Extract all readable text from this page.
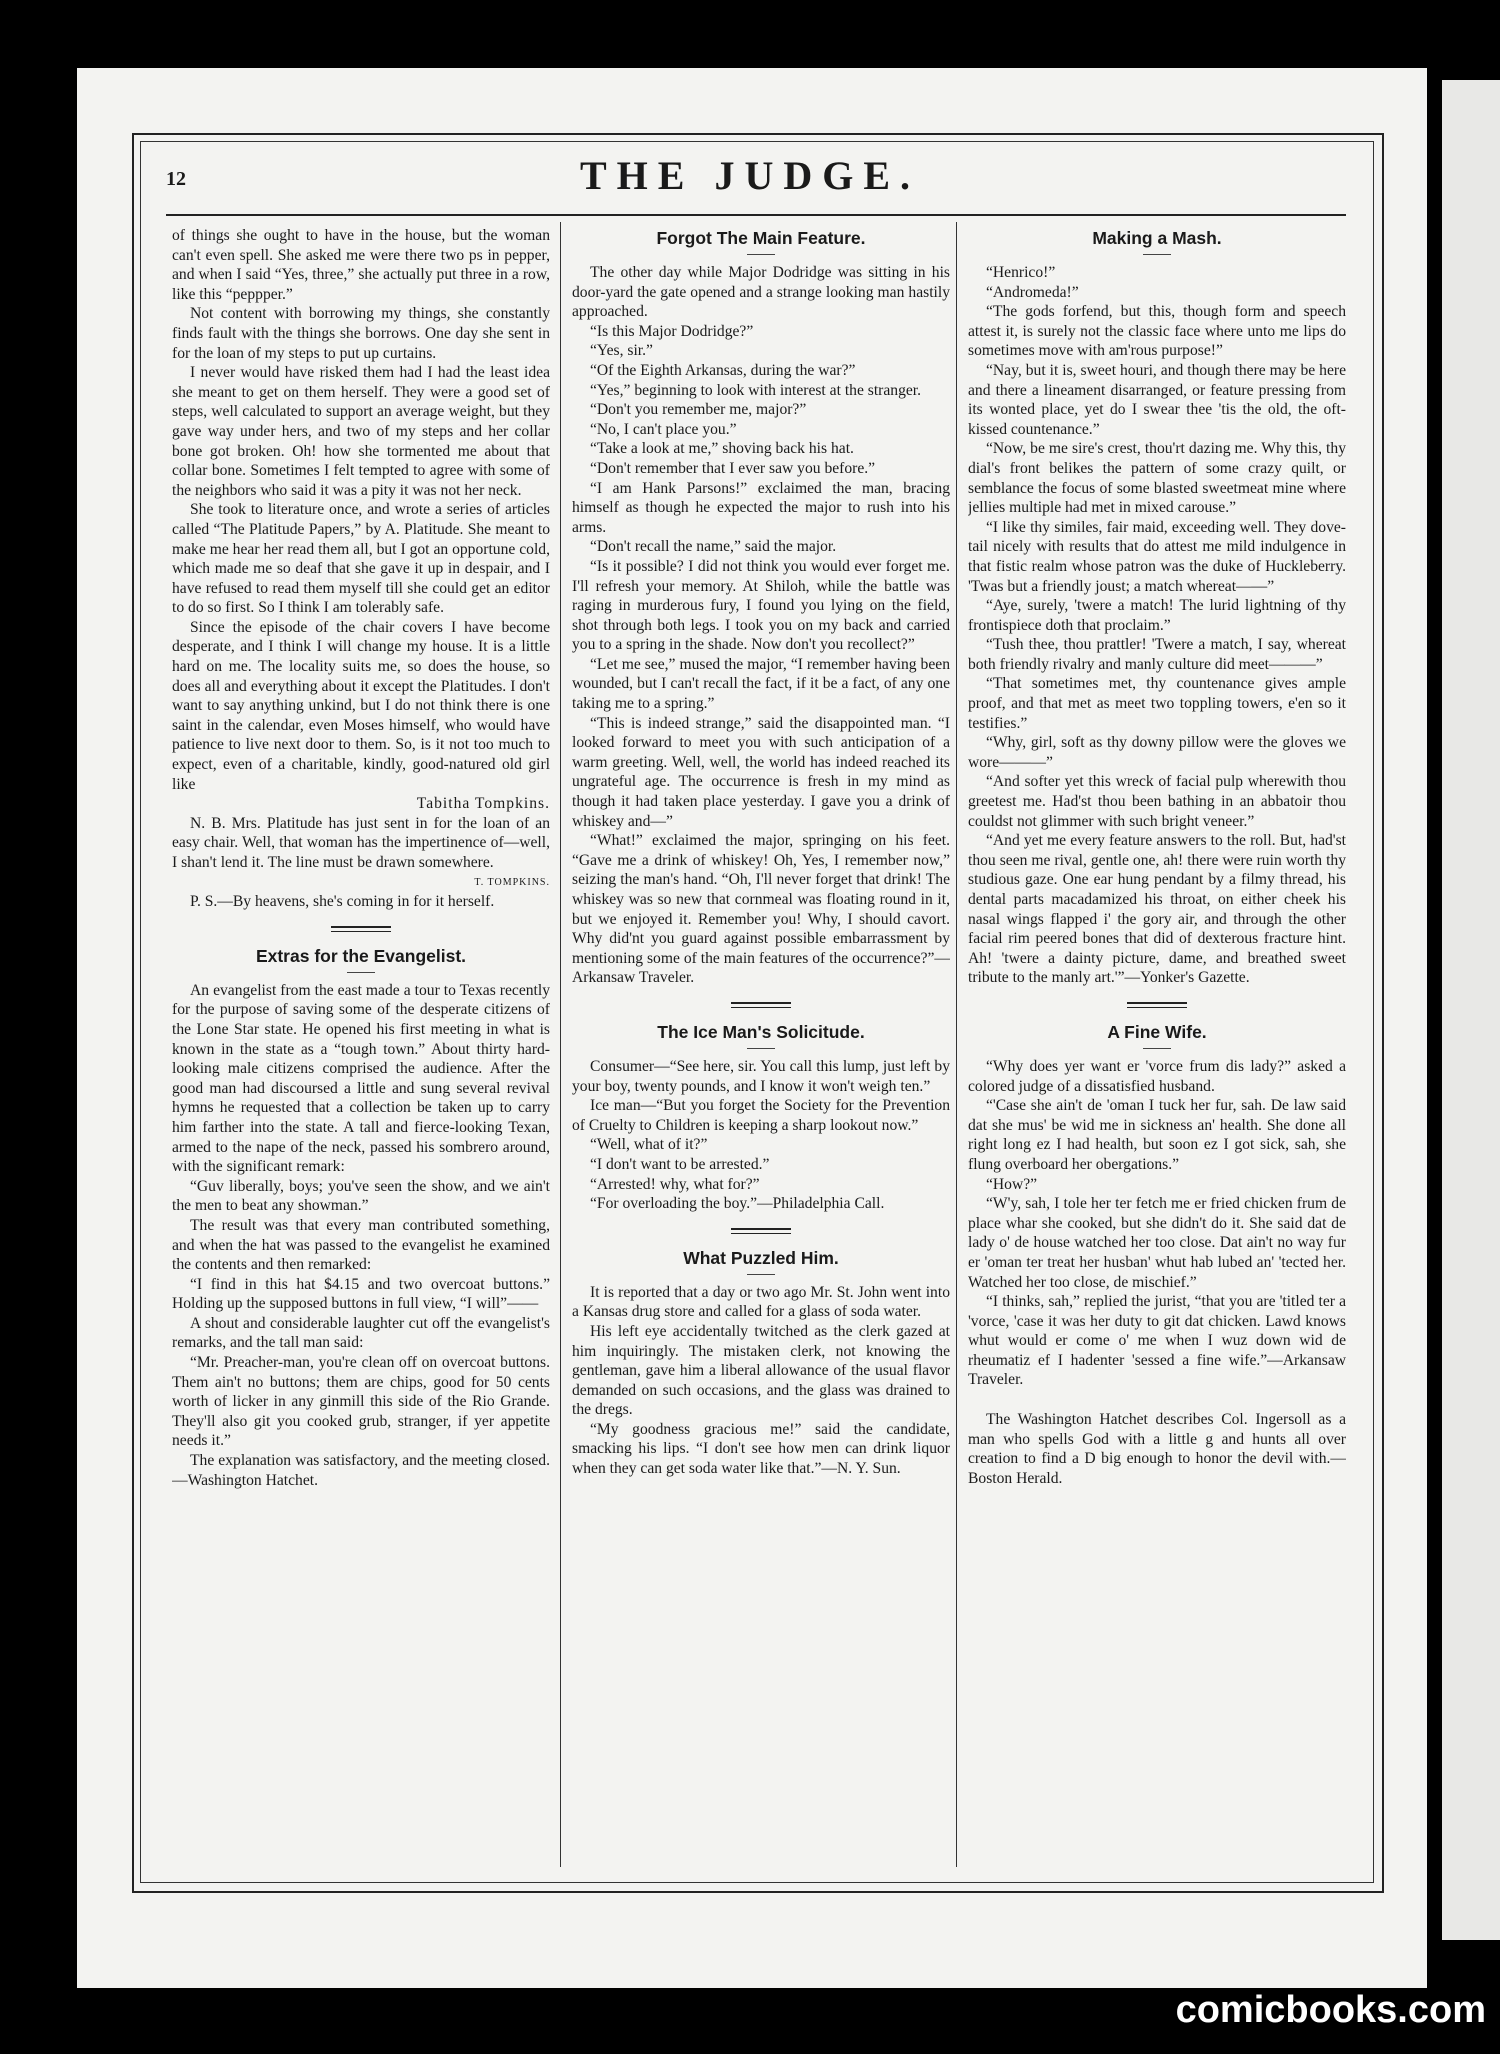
12	THE JUDGE.

of things she ought to have in the house, but the woman can't even spell. She asked me were there two ps in pepper, and when I said “Yes, three,” she actually put three in a row, like this “peppper.”

Not content with borrowing my things, she constantly finds fault with the things she borrows. One day she sent in for the loan of my steps to put up curtains.

I never would have risked them had I had the least idea she meant to get on them herself. They were a good set of steps, well calculated to support an average weight, but they gave way under hers, and two of my steps and her collar bone got broken. Oh! how she tormented me about that collar bone. Sometimes I felt tempted to agree with some of the neighbors who said it was a pity it was not her neck.

She took to literature once, and wrote a series of articles called “The Platitude Papers,” by A. Platitude. She meant to make me hear her read them all, but I got an opportune cold, which made me so deaf that she gave it up in despair, and I have refused to read them myself till she could get an editor to do so first. So I think I am tolerably safe.

Since the episode of the chair covers I have become desperate, and I think I will change my house. It is a little hard on me. The locality suits me, so does the house, so does all and everything about it except the Platitudes. I don't want to say anything unkind, but I do not think there is one saint in the calendar, even Moses himself, who would have patience to live next door to them. So, is it not too much to expect, even of a charitable, kindly, good-natured old girl like

Tabitha Tompkins.

N. B. Mrs. Platitude has just sent in for the loan of an easy chair. Well, that woman has the impertinence of—well, I shan't lend it. The line must be drawn somewhere.

T. TOMPKINS.

P. S.—By heavens, she's coming in for it herself.

Extras for the Evangelist.

An evangelist from the east made a tour to Texas recently for the purpose of saving some of the desperate citizens of the Lone Star state. He opened his first meeting in what is known in the state as a “tough town.” About thirty hard-looking male citizens comprised the audience. After the good man had discoursed a little and sung several revival hymns he requested that a collection be taken up to carry him farther into the state. A tall and fierce-looking Texan, armed to the nape of the neck, passed his sombrero around, with the significant remark:

“Guv liberally, boys; you've seen the show, and we ain't the men to beat any showman.”

The result was that every man contributed something, and when the hat was passed to the evangelist he examined the contents and then remarked:

“I find in this hat $4.15 and two overcoat buttons.” Holding up the supposed buttons in full view, “I will”——

A shout and considerable laughter cut off the evangelist's remarks, and the tall man said:

“Mr. Preacher-man, you're clean off on overcoat buttons. Them ain't no buttons; them are chips, good for 50 cents worth of licker in any ginmill this side of the Rio Grande. They'll also git you cooked grub, stranger, if yer appetite needs it.”

The explanation was satisfactory, and the meeting closed.—Washington Hatchet.

Forgot The Main Feature.

The other day while Major Dodridge was sitting in his door-yard the gate opened and a strange looking man hastily approached.

“Is this Major Dodridge?”

“Yes, sir.”

“Of the Eighth Arkansas, during the war?”

“Yes,” beginning to look with interest at the stranger.

“Don't you remember me, major?”

“No, I can't place you.”

“Take a look at me,” shoving back his hat.

“Don't remember that I ever saw you before.”

“I am Hank Parsons!” exclaimed the man, bracing himself as though he expected the major to rush into his arms.

“Don't recall the name,” said the major.

“Is it possible? I did not think you would ever forget me. I'll refresh your memory. At Shiloh, while the battle was raging in murderous fury, I found you lying on the field, shot through both legs. I took you on my back and carried you to a spring in the shade. Now don't you recollect?”

“Let me see,” mused the major, “I remember having been wounded, but I can't recall the fact, if it be a fact, of any one taking me to a spring.”

“This is indeed strange,” said the disappointed man. “I looked forward to meet you with such anticipation of a warm greeting. Well, well, the world has indeed reached its ungrateful age. The occurrence is fresh in my mind as though it had taken place yesterday. I gave you a drink of whiskey and—”

“What!” exclaimed the major, springing on his feet. “Gave me a drink of whiskey! Oh, Yes, I remember now,” seizing the man's hand. “Oh, I'll never forget that drink! The whiskey was so new that cornmeal was floating round in it, but we enjoyed it. Remember you! Why, I should cavort. Why did'nt you guard against possible embarrassment by mentioning some of the main features of the occurrence?”—Arkansaw Traveler.

The Ice Man's Solicitude.

Consumer—“See here, sir. You call this lump, just left by your boy, twenty pounds, and I know it won't weigh ten.”

Ice man—“But you forget the Society for the Prevention of Cruelty to Children is keeping a sharp lookout now.”

“Well, what of it?”

“I don't want to be arrested.”

“Arrested! why, what for?”

“For overloading the boy.”—Philadelphia Call.

What Puzzled Him.

It is reported that a day or two ago Mr. St. John went into a Kansas drug store and called for a glass of soda water.

His left eye accidentally twitched as the clerk gazed at him inquiringly. The mistaken clerk, not knowing the gentleman, gave him a liberal allowance of the usual flavor demanded on such occasions, and the glass was drained to the dregs.

“My goodness gracious me!” said the candidate, smacking his lips. “I don't see how men can drink liquor when they can get soda water like that.”—N. Y. Sun.

Making a Mash.

“Henrico!”

“Andromeda!”

“The gods forfend, but this, though form and speech attest it, is surely not the classic face where unto me lips do sometimes move with am'rous purpose!”

“Nay, but it is, sweet houri, and though there may be here and there a lineament disarranged, or feature pressing from its wonted place, yet do I swear thee 'tis the old, the oft-kissed countenance.”

“Now, be me sire's crest, thou'rt dazing me. Why this, thy dial's front belikes the pattern of some crazy quilt, or semblance the focus of some blasted sweetmeat mine where jellies multiple had met in mixed carouse.”

“I like thy similes, fair maid, exceeding well. They dove-tail nicely with results that do attest me mild indulgence in that fistic realm whose patron was the duke of Huckleberry. 'Twas but a friendly joust; a match whereat——”

“Aye, surely, 'twere a match! The lurid lightning of thy frontispiece doth that proclaim.”

“Tush thee, thou prattler! 'Twere a match, I say, whereat both friendly rivalry and manly culture did meet———”

“That sometimes met, thy countenance gives ample proof, and that met as meet two toppling towers, e'en so it testifies.”

“Why, girl, soft as thy downy pillow were the gloves we wore———”

“And softer yet this wreck of facial pulp wherewith thou greetest me. Had'st thou been bathing in an abbatoir thou couldst not glimmer with such bright veneer.”

“And yet me every feature answers to the roll. But, had'st thou seen me rival, gentle one, ah! there were ruin worth thy studious gaze. One ear hung pendant by a filmy thread, his dental parts macadamized his throat, on either cheek his nasal wings flapped i' the gory air, and through the other facial rim peered bones that did of dexterous fracture hint. Ah! 'twere a dainty picture, dame, and breathed sweet tribute to the manly art.'”—Yonker's Gazette.

A Fine Wife.

“Why does yer want er 'vorce frum dis lady?” asked a colored judge of a dissatisfied husband.

“'Case she ain't de 'oman I tuck her fur, sah. De law said dat she mus' be wid me in sickness an' health. She done all right long ez I had health, but soon ez I got sick, sah, she flung overboard her obergations.”

“How?”

“W'y, sah, I tole her ter fetch me er fried chicken frum de place whar she cooked, but she didn't do it. She said dat de lady o' de house watched her too close. Dat ain't no way fur er 'oman ter treat her husban' whut hab lubed an' 'tected her. Watched her too close, de mischief.”

“I thinks, sah,” replied the jurist, “that you are 'titled ter a 'vorce, 'case it was her duty to git dat chicken. Lawd knows whut would er come o' me when I wuz down wid de rheumatiz ef I hadenter 'sessed a fine wife.”—Arkansaw Traveler.

The Washington Hatchet describes Col. Ingersoll as a man who spells God with a little g and hunts all over creation to find a D big enough to honor the devil with.—Boston Herald.

comicbooks.com
